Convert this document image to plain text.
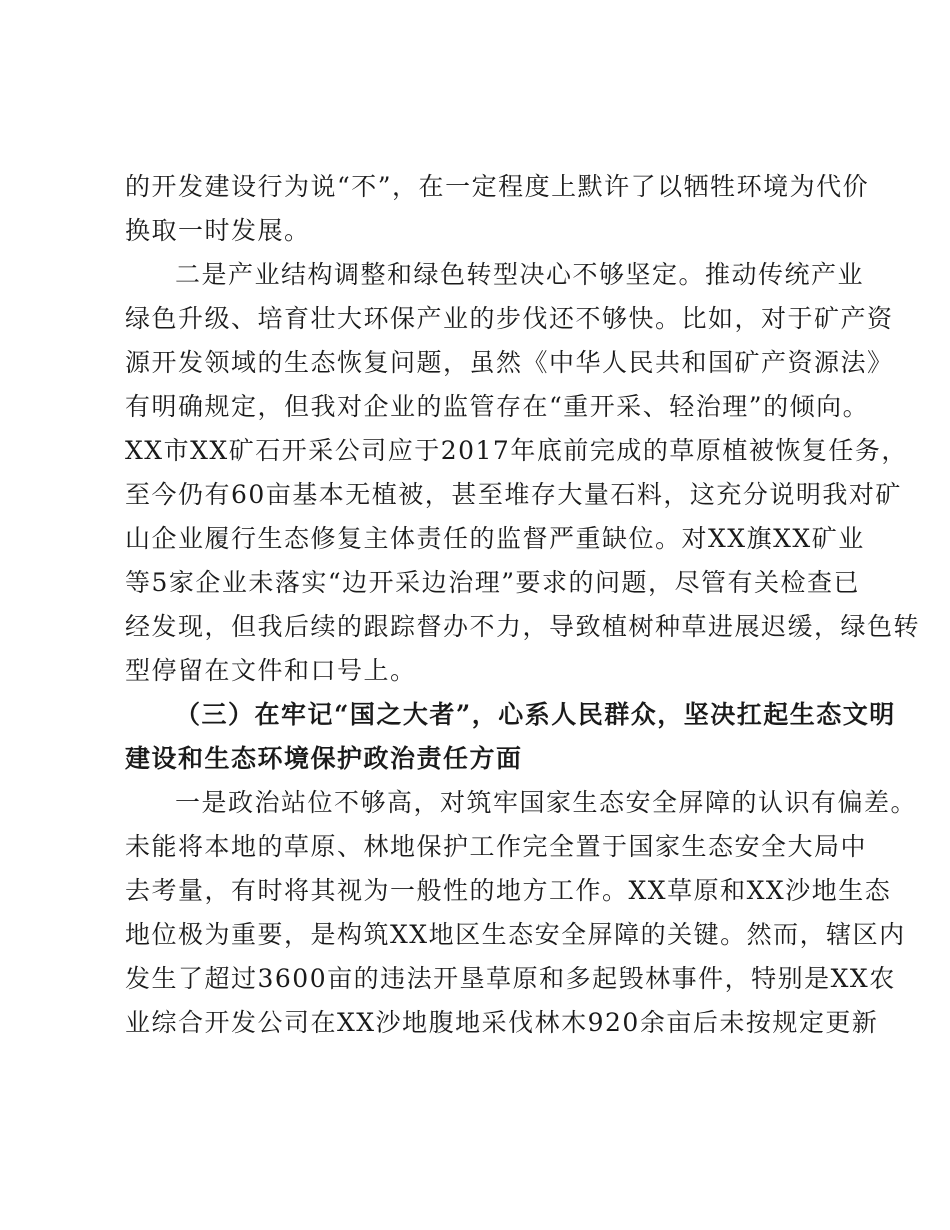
的开发建设行为说“不”，在一定程度上默许了以牺牲环境为代价
换取一时发展。
二是产业结构调整和绿色转型决心不够坚定。推动传统产业
绿色升级、培育壮大环保产业的步伐还不够快。比如，对于矿产资
源开发领域的生态恢复问题，虽然《中华人民共和国矿产资源法》
有明确规定，但我对企业的监管存在“重开采、轻治理”的倾向。
XX市XX矿石开采公司应于2017年底前完成的草原植被恢复任务，
至今仍有60亩基本无植被，甚至堆存大量石料，这充分说明我对矿
山企业履行生态修复主体责任的监督严重缺位。对XX旗XX矿业
等5家企业未落实“边开采边治理”要求的问题，尽管有关检查已
经发现，但我后续的跟踪督办不力，导致植树种草进展迟缓，绿色转
型停留在文件和口号上。
（三）在牢记“国之大者”，心系人民群众，坚决扛起生态文明
建设和生态环境保护政治责任方面
一是政治站位不够高，对筑牢国家生态安全屏障的认识有偏差。
未能将本地的草原、林地保护工作完全置于国家生态安全大局中
去考量，有时将其视为一般性的地方工作。XX草原和XX沙地生态
地位极为重要，是构筑XX地区生态安全屏障的关键。然而，辖区内
发生了超过3600亩的违法开垦草原和多起毁林事件，特别是XX农
业综合开发公司在XX沙地腹地采伐林木920余亩后未按规定更新
